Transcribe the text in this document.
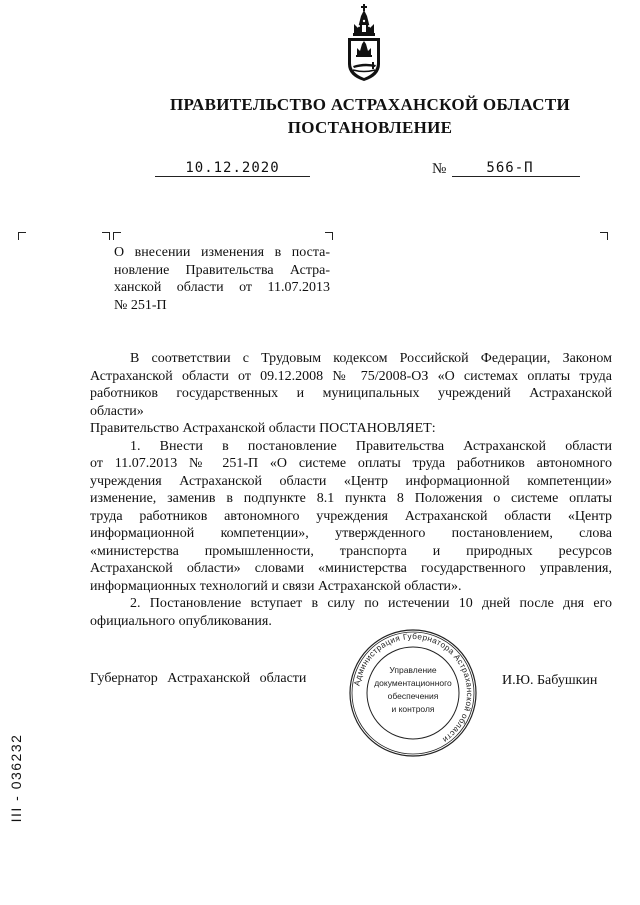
ПРАВИТЕЛЬСТВО АСТРАХАНСКОЙ ОБЛАСТИ
ПОСТАНОВЛЕНИЕ
10.12.2020	№	566-П
О внесении изменения в поста-
новление Правительства Астра-
ханской области от 11.07.2013
№ 251-П
В соответствии с Трудовым кодексом Российской Федерации, Законом
Астраханской области от 09.12.2008 № 75/2008-ОЗ «О системах оплаты труда
работников государственных и муниципальных учреждений Астраханской
области»
Правительство Астраханской области ПОСТАНОВЛЯЕТ:
1. Внести в постановление Правительства Астраханской области
от 11.07.2013 № 251-П «О системе оплаты труда работников автономного
учреждения Астраханской области «Центр информационной компетенции»
изменение, заменив в подпункте 8.1 пункта 8 Положения о системе оплаты
труда работников автономного учреждения Астраханской области «Центр
информационной компетенции», утвержденного постановлением, слова
«министерства промышленности, транспорта и природных ресурсов
Астраханской области» словами «министерства государственного управления,
информационных технологий и связи Астраханской области».
2. Постановление вступает в силу по истечении 10 дней после дня его
официального опубликования.
Губернатор Астраханской области	Администрация Губернатора Астраханской области
Управление
документационного
обеспечения
и контроля
И.Ю. Бабушкин
III - 036232
